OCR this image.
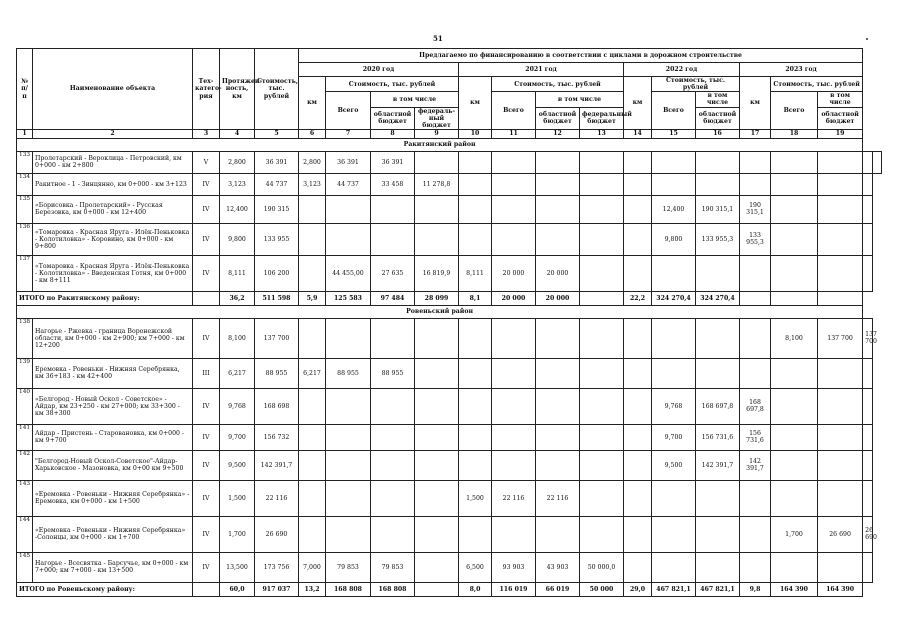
51
№ п/п	Наименование объекта	Тех-катего-рия	Протяжен-ность, км	Стоимость, тыс. рублей	Предлагаемо по финансированию в соответствии с циклами в дорожном строительстве															
					2020 год				2021 год				2022 год			2023 год				
					км	Стоимость, тыс. рублей			км	Стоимость, тыс. рублей			км	Стоимость, тыс. рублей		км	Стоимость, тыс. рублей			
						Всего	в том числе			Всего	в том числе			Всего	в том числе		Всего	в том числе		
							областной бюджет	федераль-ный бюджет			областной бюджет	федеральный бюджет			областной бюджет			областной бюджет		
1	2	3	4	5	6	7	8	9	10	11	12	13	14	15	16	17	18	19		
Ракитянский район																				
133	Пролетарский - Вероклица - Петровский, км 0+000 - км 2+800	V	2,800	36 391	2,800	36 391	36 391													
134	Ракитное - 1 - Зинцянно, км 0+000 - км 3+123	IV	3,123	44 737	3,123	44 737	33 458	11 278,8												
135	«Борисовка - Пролетарский» - Русская Березовка, км 0+000 - км 12+400	IV	12,400	190 315										12,400	190 315,1	190 315,1				
136	«Томаровка - Красная Яруга - Илёк-Пеньковка - Колотиловка» - Коровино, км 0+000 - км 9+800	IV	9,800	133 955										9,800	133 955,3	133 955,3				
137	«Томаровка - Красная Яруга - Илёк-Пеньковка - Колотиловка» - Введенская Готня, км 0+000 - км 8+111	IV	8,111	106 200		44 455,00	27 635	16 819,9	8,111	20 000	20 000									
ИТОГО по Ракитянскому району:			36,2	511 598	5,9	125 583	97 484	28 099	8,1	20 000	20 000		22,2	324 270,4	324 270,4					
Ровеньский район																				
138	Нагорье - Ржевка - граница Воронежской области, км 0+000 - км 2+900; км 7+000 - км 12+200	IV	8,100	137 700													8,100	137 700	137 700	
139	Еремовка - Ровеньки - Нижняя Серебрянка, км 36+183 - км 42+400	III	6,217	88 955	6,217	88 955	88 955													
140	«Белгород - Новый Оскол - Советское» - Айдар, км 23+250 - км 27+000; км 33+300 - км 38+300	IV	9,768	168 698										9,768	168 697,8	168 697,8				
141	Айдар - Пристень - Старовановка, км 0+000 - км 9+700	IV	9,700	156 732										9,700	156 731,6	156 731,6				
142	"Белгород-Новый Оскол-Советское"-Айдар-Харьковское - Мазоновка, км 0+00 км 9+500	IV	9,500	142 391,7										9,500	142 391,7	142 391,7				
143	«Еремовка - Ровеньки - Нижняя Серебрянка» - Еремовка, км 0+000 - км 1+500	IV	1,500	22 116					1,500	22 116	22 116									
144	«Еремовка - Ровеньки - Нижняя Серебрянка» -Солонцы, км 0+000 - км 1+700	IV	1,700	26 690													1,700	26 690	26 690	
145	Нагорье - Всесвятка - Барсучье, км 0+000 - км 7+000; км 7+000 - км 13+500	IV	13,500	173 756	7,000	79 853	79 853		6,500	93 903	43 903	50 000,0								
ИТОГО по Ровеньскому району:			60,0	917 037	13,2	168 808	168 808		8,0	116 019	66 019	50 000	29,0	467 821,1	467 821,1	9,8	164 390	164 390		
